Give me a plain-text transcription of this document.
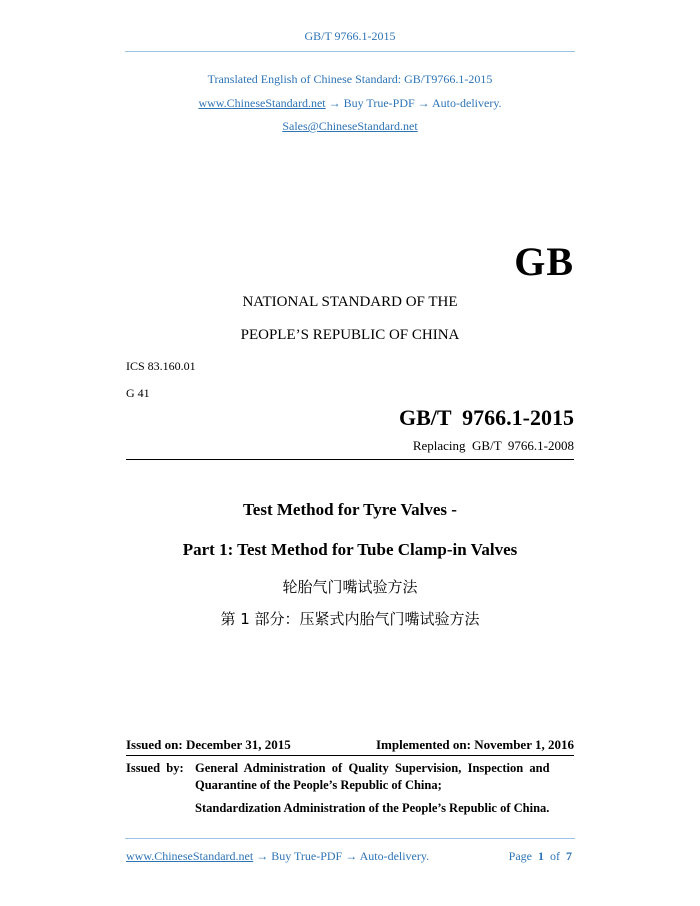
GB/T 9766.1-2015
Translated English of Chinese Standard: GB/T9766.1-2015
www.ChineseStandard.net → Buy True-PDF → Auto-delivery.
Sales@ChineseStandard.net
GB
NATIONAL STANDARD OF THE
PEOPLE’S REPUBLIC OF CHINA
ICS 83.160.01
G 41
GB/T  9766.1-2015
Replacing  GB/T  9766.1-2008
Test Method for Tyre Valves -
Part 1: Test Method for Tube Clamp-in Valves
轮胎气门嘴试验方法
第 1 部分：压紧式内胎气门嘴试验方法
Issued on: December 31, 2015	Implemented on: November 1, 2016
Issued  by: General  Administration  of  Quality  Supervision,  Inspection  and
Quarantine of the People’s Republic of China;
Standardization Administration of the People’s Republic of China.
www.ChineseStandard.net → Buy True-PDF → Auto-delivery.	Page 1 of 7
